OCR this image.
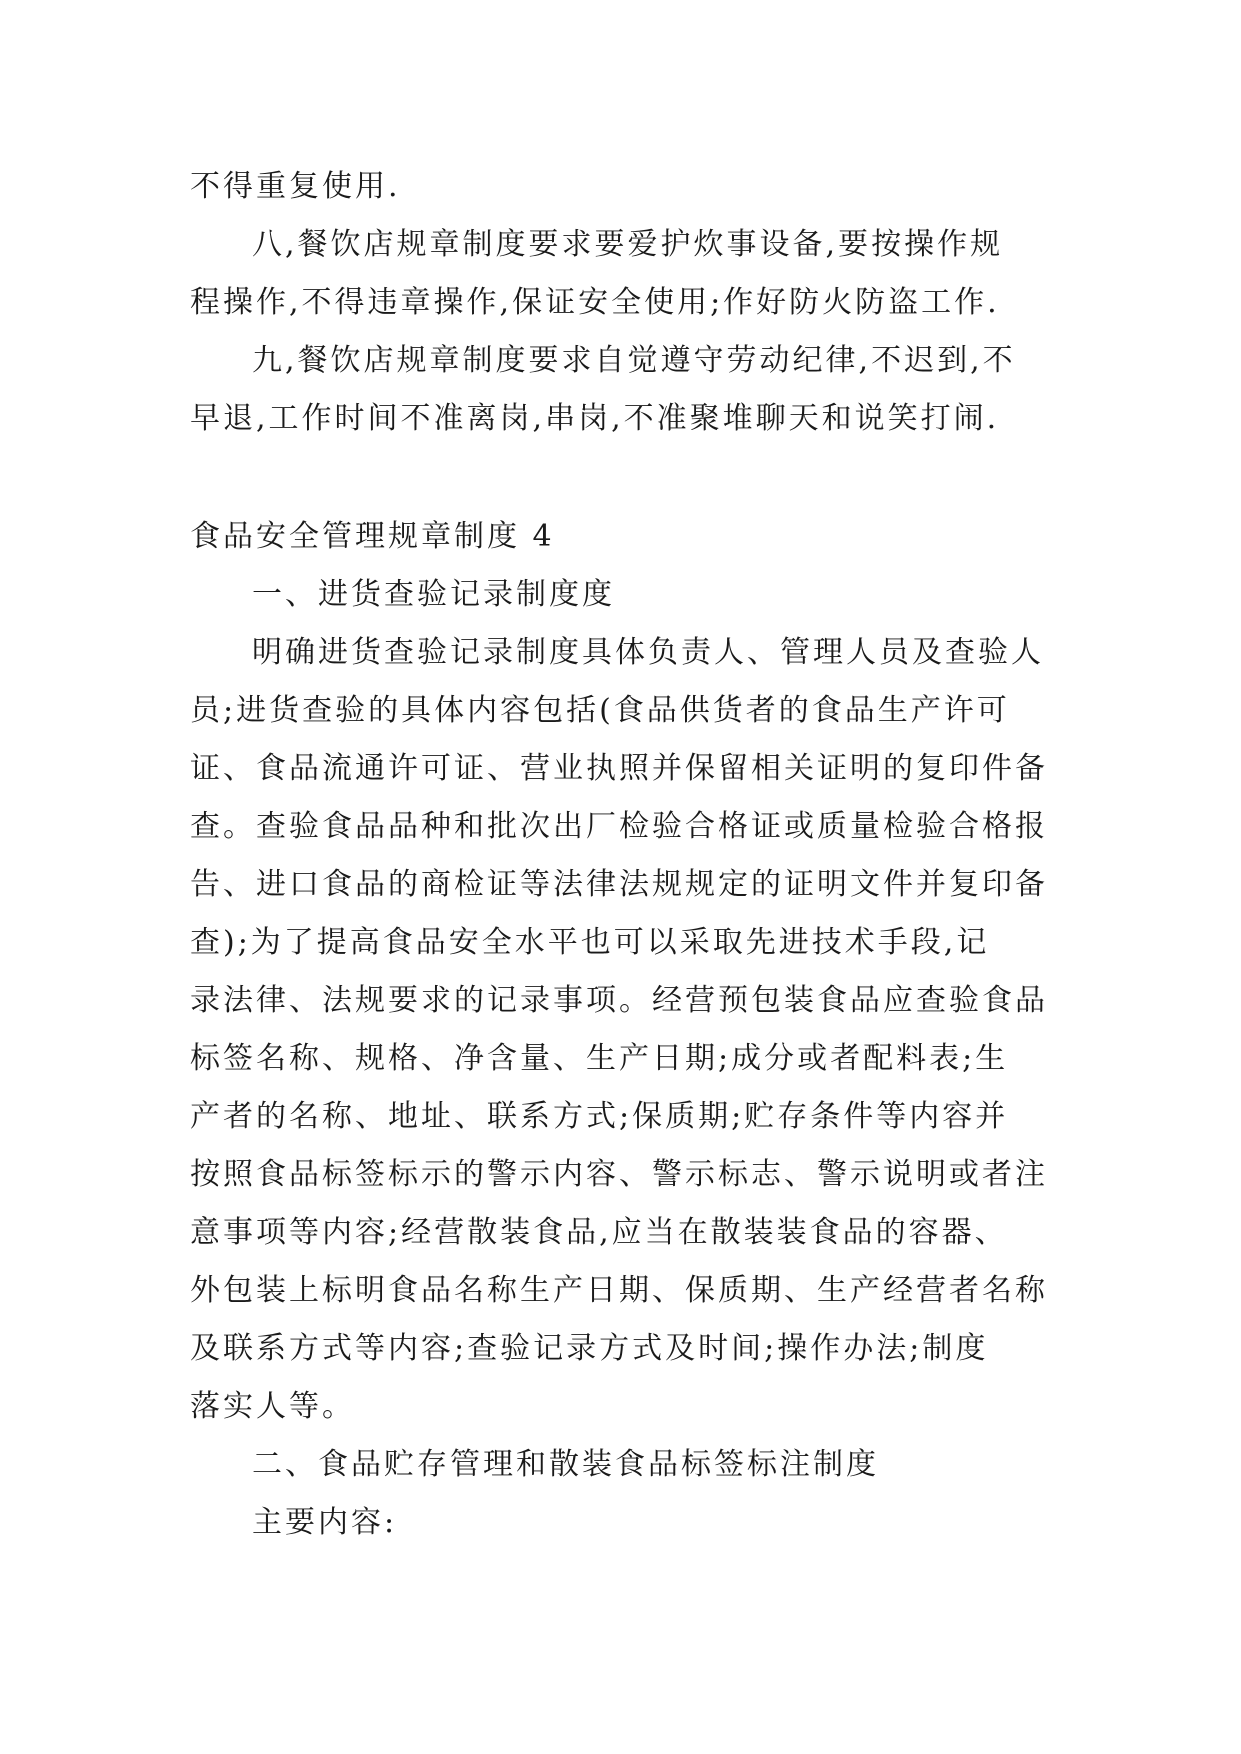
不得重复使用.
八,餐饮店规章制度要求要爱护炊事设备,要按操作规
程操作,不得违章操作,保证安全使用;作好防火防盗工作.
九,餐饮店规章制度要求自觉遵守劳动纪律,不迟到,不
早退,工作时间不准离岗,串岗,不准聚堆聊天和说笑打闹.
食品安全管理规章制度 4
一、进货查验记录制度度
明确进货查验记录制度具体负责人、管理人员及查验人
员;进货查验的具体内容包括(食品供货者的食品生产许可
证、食品流通许可证、营业执照并保留相关证明的复印件备
查。查验食品品种和批次出厂检验合格证或质量检验合格报
告、进口食品的商检证等法律法规规定的证明文件并复印备
查);为了提高食品安全水平也可以采取先进技术手段,记
录法律、法规要求的记录事项。经营预包装食品应查验食品
标签名称、规格、净含量、生产日期;成分或者配料表;生
产者的名称、地址、联系方式;保质期;贮存条件等内容并
按照食品标签标示的警示内容、警示标志、警示说明或者注
意事项等内容;经营散装食品,应当在散装装食品的容器、
外包装上标明食品名称生产日期、保质期、生产经营者名称
及联系方式等内容;查验记录方式及时间;操作办法;制度
落实人等。
二、食品贮存管理和散装食品标签标注制度
主要内容:
